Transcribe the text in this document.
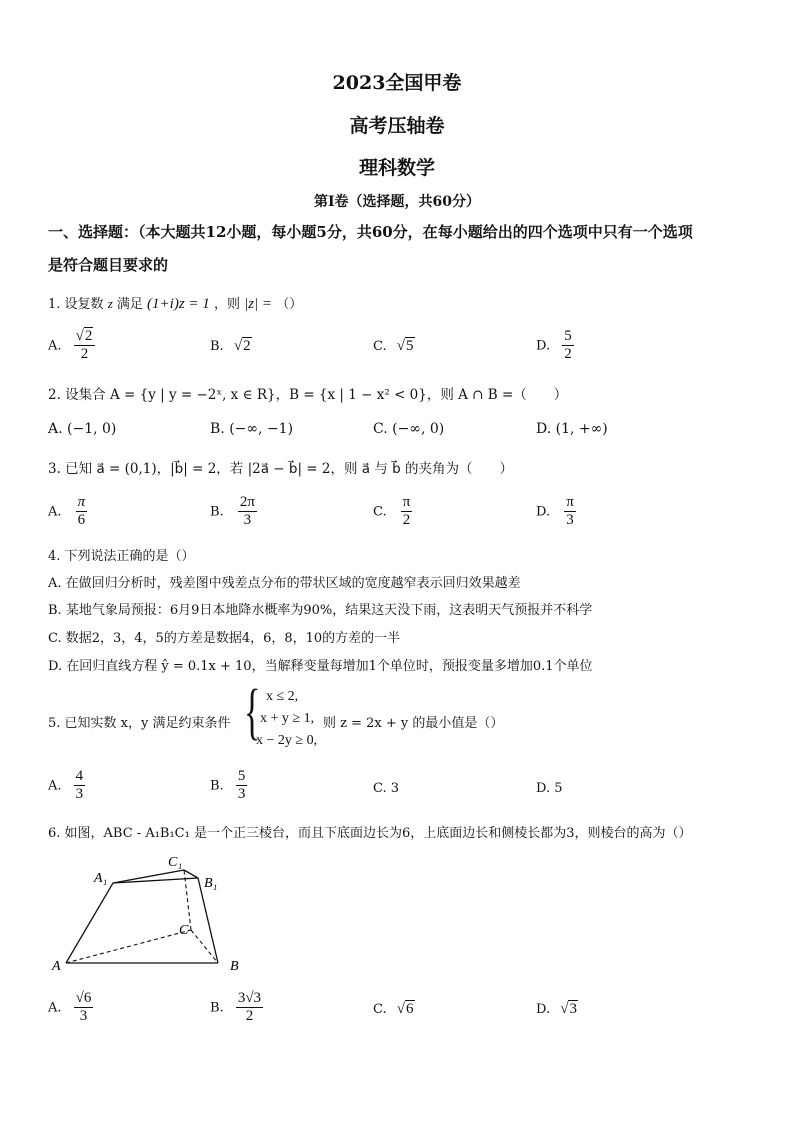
2023全国甲卷
高考压轴卷
理科数学
第Ⅰ卷（选择题，共60分）
一、选择题：（本大题共12小题，每小题5分，共60分，在每小题给出的四个选项中只有一个选项
是符合题目要求的
1. 设复数 z 满足 (1+i)z = 1 ，则 |z| = （）
A. $\frac{√2}{2}$	B. √2	C. √5	D. $\frac{5}{2}$
2. 设集合 A = {y | y = −2ˣ, x ∈ R}，B = {x | 1 − x² < 0}，则 A ∩ B =（　　）
A. (−1, 0)	B. (−∞, −1)	C. (−∞, 0)	D. (1, +∞)
3. 已知 a⃗ = (0,1)，|b⃗| = 2，若 |2a⃗ − b⃗| = 2，则 a⃗ 与 b⃗ 的夹角为（　　）
A. $\frac{\pi}{6}$	B. $\frac{2\pi}{3}$	C. $\frac{\pi}{2}$	D. $\frac{\pi}{3}$
4. 下列说法正确的是（）
A. 在做回归分析时，残差图中残差点分布的带状区域的宽度越窄表示回归效果越差
B. 某地气象局预报：6月9日本地降水概率为90%，结果这天没下雨，这表明天气预报并不科学
C. 数据2，3，4，5的方差是数据4，6，8，10的方差的一半
D. 在回归直线方程 ŷ = 0.1x + 10，当解释变量每增加1个单位时，预报变量多增加0.1个单位
5. 已知实数 x，y 满足约束条件 { x ≤ 2,
x + y ≥ 1,
x − 2y ≥ 0,
则 z = 2x + y 的最小值是（）
A. $\frac{4}{3}$	B. $\frac{5}{3}$	C. 3	D. 5
6. 如图，ABC - A₁B₁C₁ 是一个正三棱台，而且下底面边长为6，上底面边长和侧棱长都为3，则棱台的高为（）
A	B
C
A₁	B₁
C₁
A. $\frac{√6}{3}$	B. $\frac{3√3}{2}$	C. √6	D. √3
